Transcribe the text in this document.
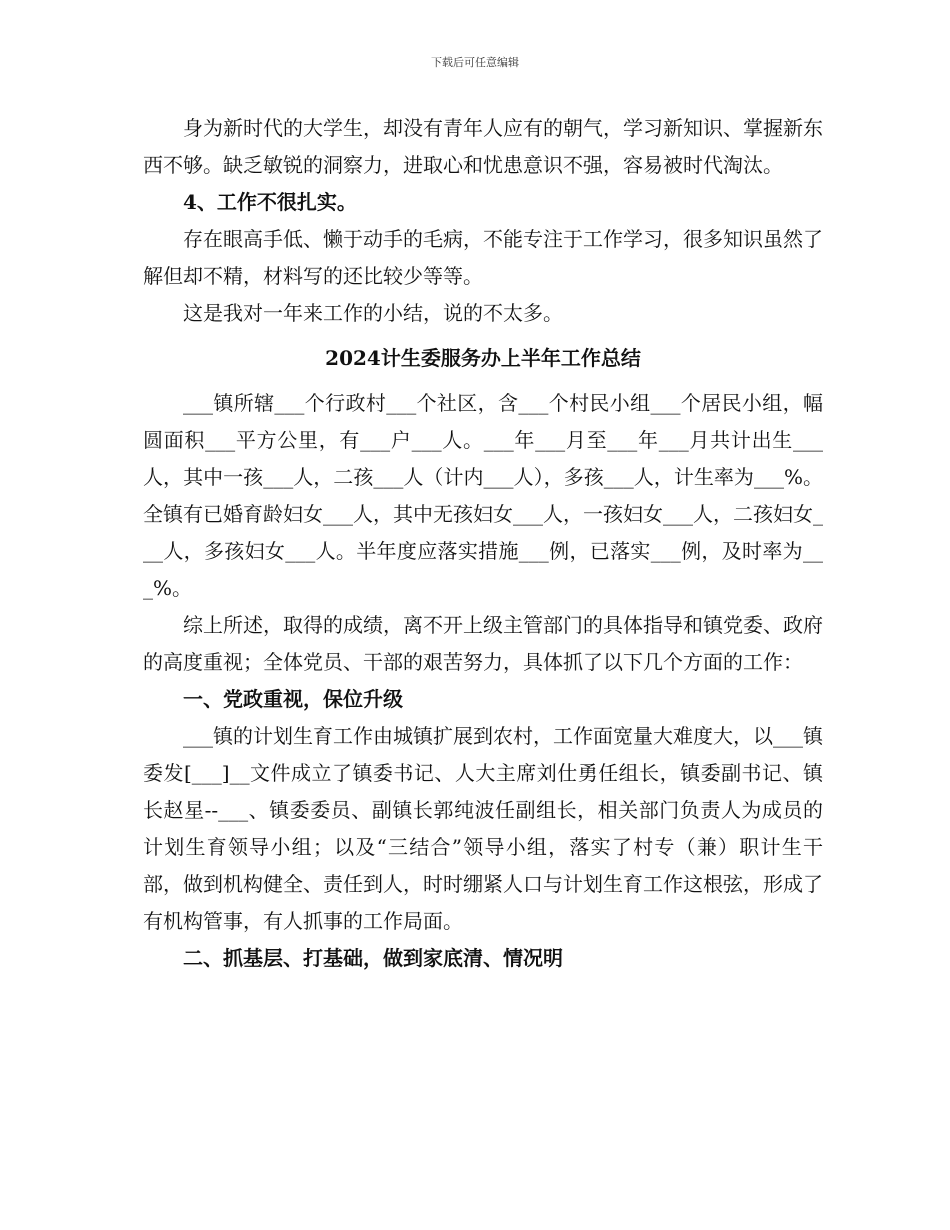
下载后可任意编辑

身为新时代的大学生，却没有青年人应有的朝气，学习新知识、掌握新东西不够。缺乏敏锐的洞察力，进取心和忧患意识不强，容易被时代淘汰。

4、工作不很扎实。

存在眼高手低、懒于动手的毛病，不能专注于工作学习，很多知识虽然了解但却不精，材料写的还比较少等等。

这是我对一年来工作的小结，说的不太多。

2024计生委服务办上半年工作总结

___镇所辖___个行政村___个社区，含___个村民小组___个居民小组，幅圆面积___平方公里，有___户___人。___年___月至___年___月共计出生___人，其中一孩___人，二孩___人（计内___人），多孩___人，计生率为___%。全镇有已婚育龄妇女___人，其中无孩妇女___人，一孩妇女___人，二孩妇女___人，多孩妇女___人。半年度应落实措施___例，已落实___例，及时率为___%。

综上所述，取得的成绩，离不开上级主管部门的具体指导和镇党委、政府的高度重视；全体党员、干部的艰苦努力，具体抓了以下几个方面的工作：

一、党政重视，保位升级

___镇的计划生育工作由城镇扩展到农村，工作面宽量大难度大，以___镇委发[___]__文件成立了镇委书记、人大主席刘仕勇任组长，镇委副书记、镇长赵星--___、镇委委员、副镇长郭纯波任副组长，相关部门负责人为成员的计划生育领导小组；以及“三结合”领导小组，落实了村专（兼）职计生干部，做到机构健全、责任到人，时时绷紧人口与计划生育工作这根弦，形成了有机构管事，有人抓事的工作局面。

二、抓基层、打基础，做到家底清、情况明
